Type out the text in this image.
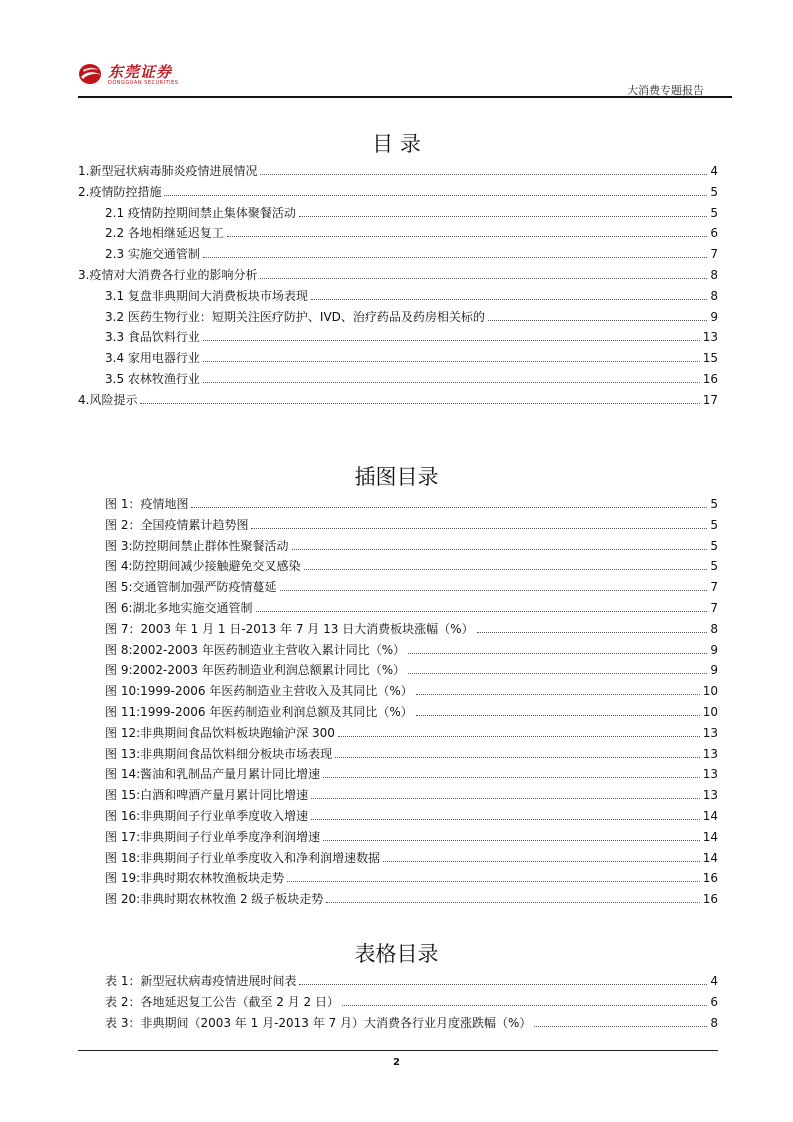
东莞证券
DONGGUAN SECURITIES
大消费专题报告
目 录
1.新型冠状病毒肺炎疫情进展情况	4
2.疫情防控措施	5
2.1 疫情防控期间禁止集体聚餐活动	5
2.2 各地相继延迟复工	6
2.3 实施交通管制	7
3.疫情对大消费各行业的影响分析	8
3.1 复盘非典期间大消费板块市场表现	8
3.2 医药生物行业：短期关注医疗防护、IVD、治疗药品及药房相关标的	9
3.3 食品饮料行业	13
3.4 家用电器行业	15
3.5 农林牧渔行业	16
4.风险提示	17
插图目录
图 1：疫情地图	5
图 2：全国疫情累计趋势图	5
图 3:防控期间禁止群体性聚餐活动	5
图 4:防控期间减少接触避免交叉感染	5
图 5:交通管制加强严防疫情蔓延	7
图 6:湖北多地实施交通管制	7
图 7：2003 年 1 月 1 日-2013 年 7 月 13 日大消费板块涨幅（%）	8
图 8:2002-2003 年医药制造业主营收入累计同比（%）	9
图 9:2002-2003 年医药制造业利润总额累计同比（%）	9
图 10:1999-2006 年医药制造业主营收入及其同比（%）	10
图 11:1999-2006 年医药制造业利润总额及其同比（%）	10
图 12:非典期间食品饮料板块跑输沪深 300	13
图 13:非典期间食品饮料细分板块市场表现	13
图 14:酱油和乳制品产量月累计同比增速	13
图 15:白酒和啤酒产量月累计同比增速	13
图 16:非典期间子行业单季度收入增速	14
图 17:非典期间子行业单季度净利润增速	14
图 18:非典期间子行业单季度收入和净利润增速数据	14
图 19:非典时期农林牧渔板块走势	16
图 20:非典时期农林牧渔 2 级子板块走势	16
表格目录
表 1：新型冠状病毒疫情进展时间表	4
表 2：各地延迟复工公告（截至 2 月 2 日）	6
表 3：非典期间（2003 年 1 月-2013 年 7 月）大消费各行业月度涨跌幅（%）	8
2
